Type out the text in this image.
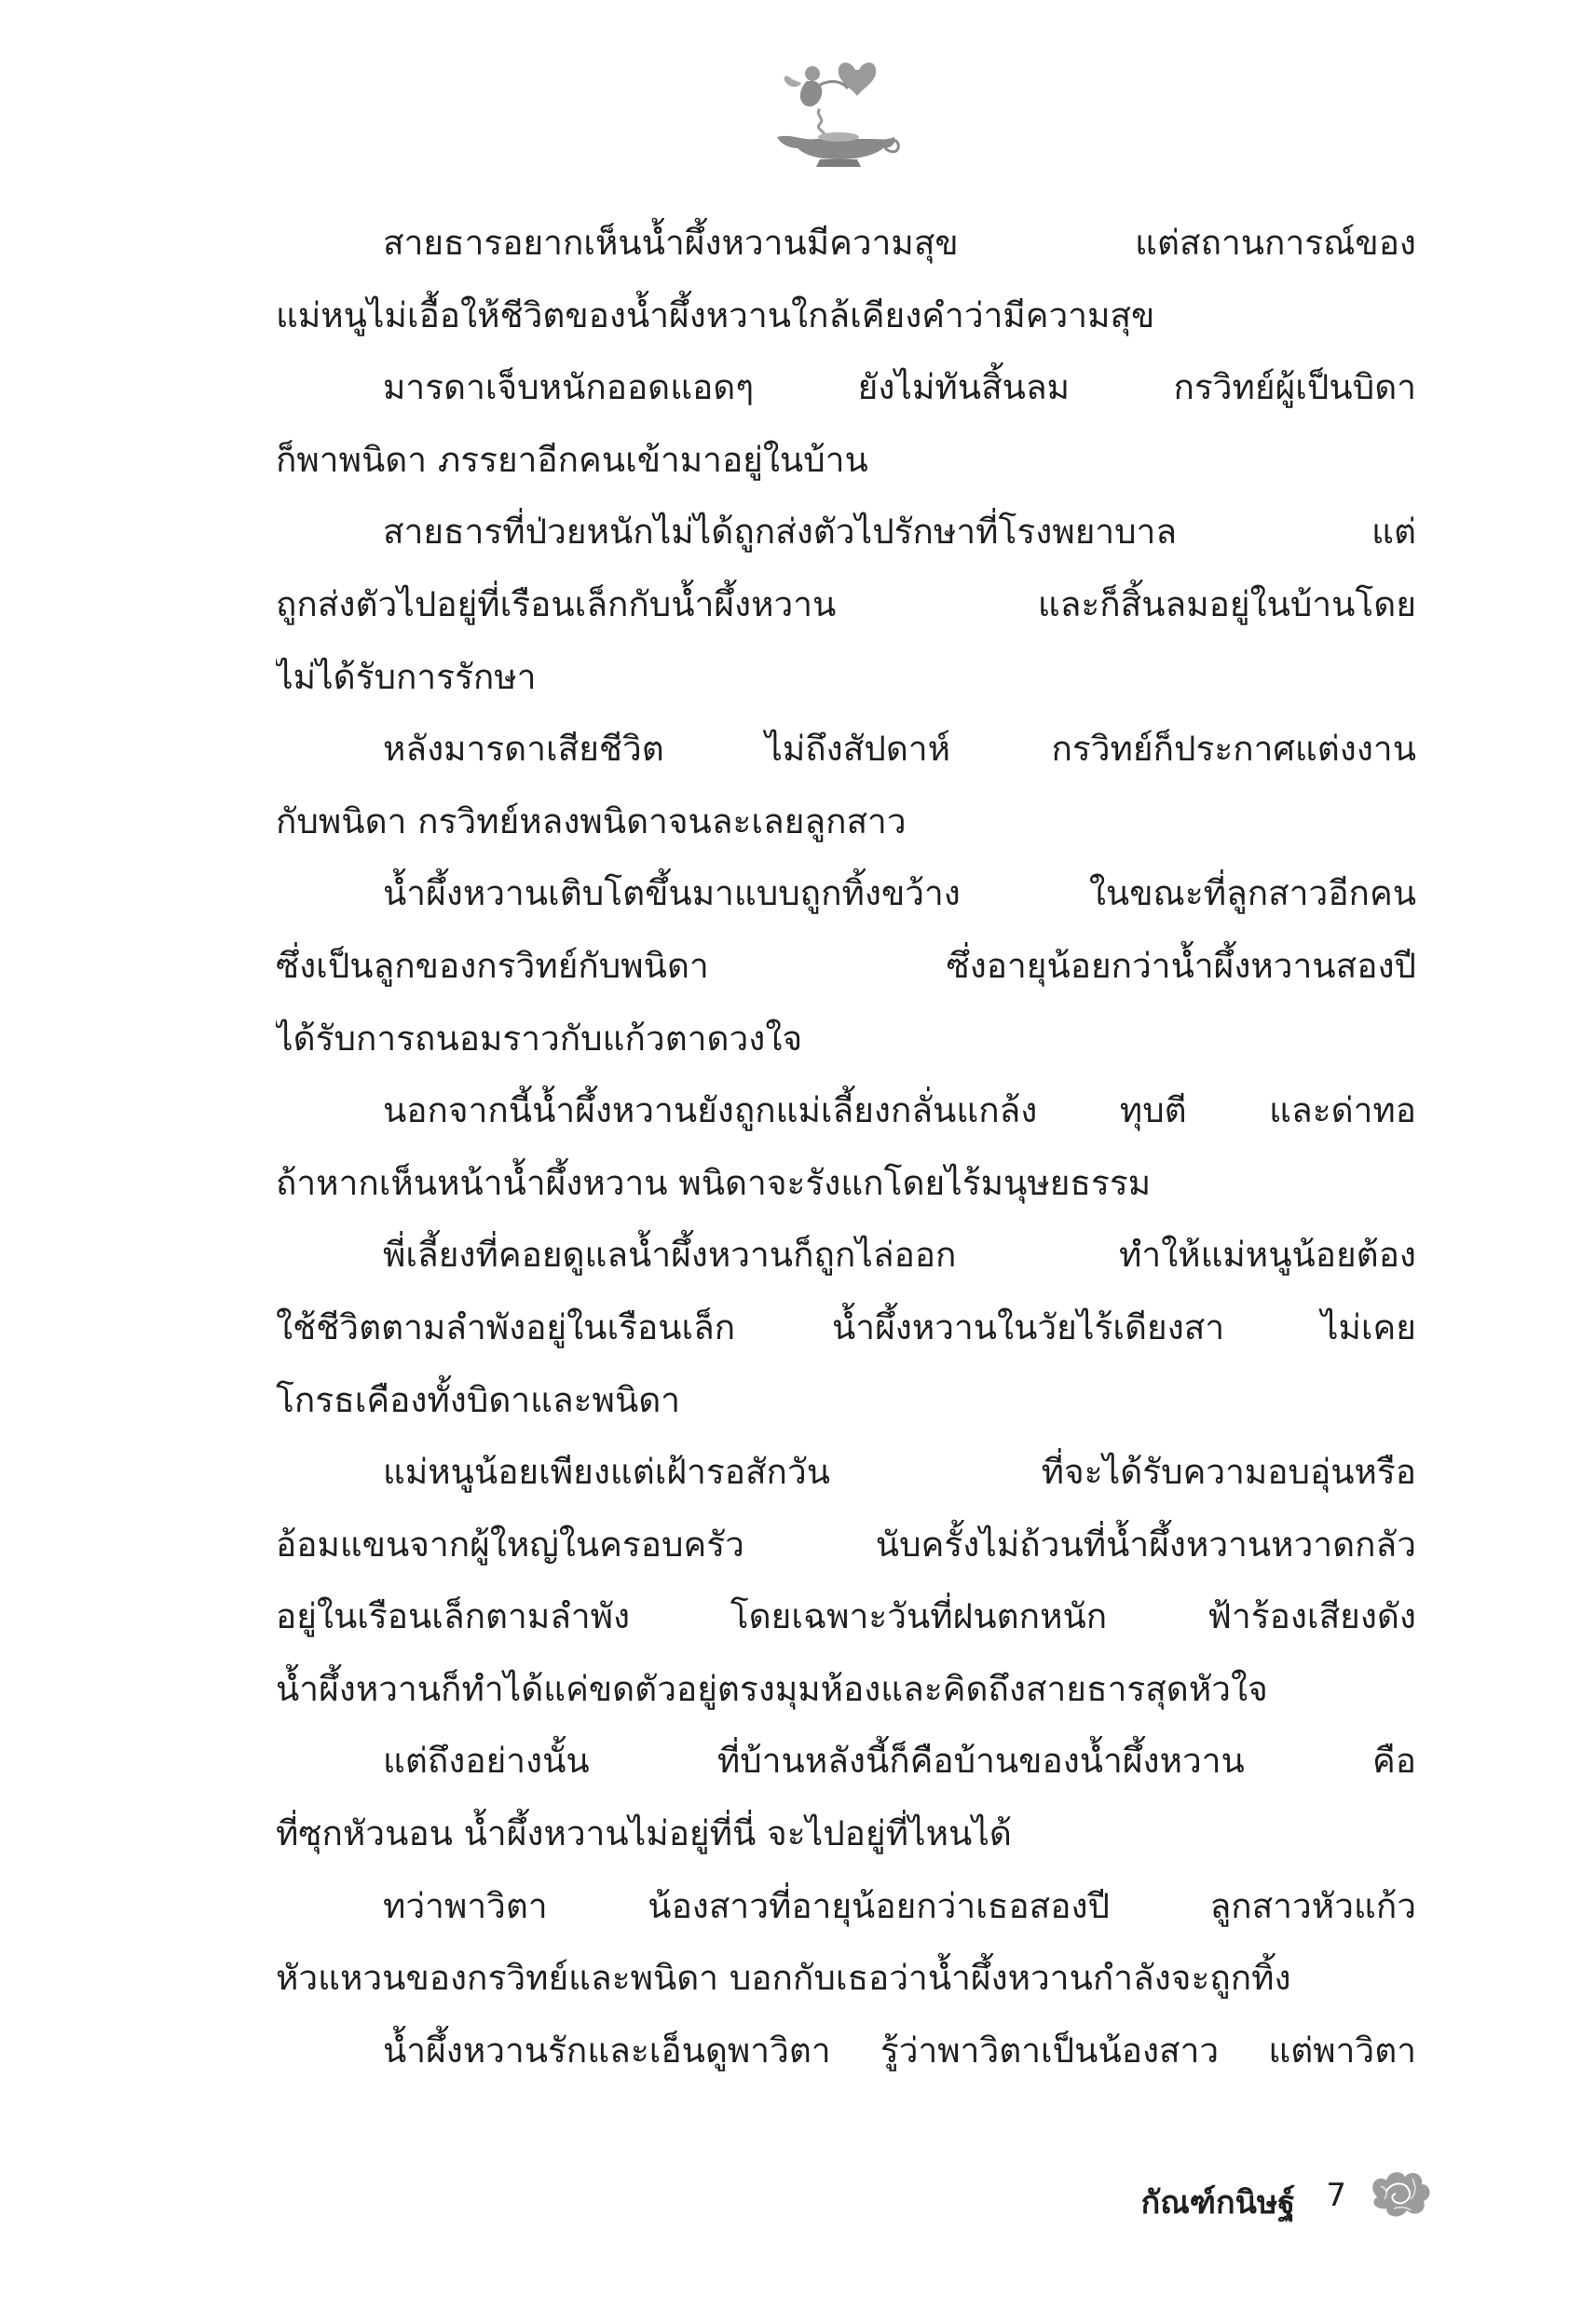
สายธารอยากเห็นน้ำผึ้งหวานมีความสุข แต่สถานการณ์ของ
แม่หนูไม่เอื้อให้ชีวิตของน้ำผึ้งหวานใกล้เคียงคำว่ามีความสุข
มารดาเจ็บหนักออดแอดๆ ยังไม่ทันสิ้นลม กรวิทย์ผู้เป็นบิดา
ก็พาพนิดา ภรรยาอีกคนเข้ามาอยู่ในบ้าน
สายธารที่ป่วยหนักไม่ได้ถูกส่งตัวไปรักษาที่โรงพยาบาล แต่
ถูกส่งตัวไปอยู่ที่เรือนเล็กกับน้ำผึ้งหวาน และก็สิ้นลมอยู่ในบ้านโดย
ไม่ได้รับการรักษา
หลังมารดาเสียชีวิต ไม่ถึงสัปดาห์ กรวิทย์ก็ประกาศแต่งงาน
กับพนิดา กรวิทย์หลงพนิดาจนละเลยลูกสาว
น้ำผึ้งหวานเติบโตขึ้นมาแบบถูกทิ้งขว้าง ในขณะที่ลูกสาวอีกคน
ซึ่งเป็นลูกของกรวิทย์กับพนิดา ซึ่งอายุน้อยกว่าน้ำผึ้งหวานสองปี
ได้รับการถนอมราวกับแก้วตาดวงใจ
นอกจากนี้น้ำผึ้งหวานยังถูกแม่เลี้ยงกลั่นแกล้ง ทุบตี และด่าทอ
ถ้าหากเห็นหน้าน้ำผึ้งหวาน พนิดาจะรังแกโดยไร้มนุษยธรรม
พี่เลี้ยงที่คอยดูแลน้ำผึ้งหวานก็ถูกไล่ออก ทำให้แม่หนูน้อยต้อง
ใช้ชีวิตตามลำพังอยู่ในเรือนเล็ก น้ำผึ้งหวานในวัยไร้เดียงสา ไม่เคย
โกรธเคืองทั้งบิดาและพนิดา
แม่หนูน้อยเพียงแต่เฝ้ารอสักวัน ที่จะได้รับความอบอุ่นหรือ
อ้อมแขนจากผู้ใหญ่ในครอบครัว นับครั้งไม่ถ้วนที่น้ำผึ้งหวานหวาดกลัว
อยู่ในเรือนเล็กตามลำพัง โดยเฉพาะวันที่ฝนตกหนัก ฟ้าร้องเสียงดัง
น้ำผึ้งหวานก็ทำได้แค่ขดตัวอยู่ตรงมุมห้องและคิดถึงสายธารสุดหัวใจ
แต่ถึงอย่างนั้น ที่บ้านหลังนี้ก็คือบ้านของน้ำผึ้งหวาน คือ
ที่ซุกหัวนอน น้ำผึ้งหวานไม่อยู่ที่นี่ จะไปอยู่ที่ไหนได้
ทว่าพาวิตา น้องสาวที่อายุน้อยกว่าเธอสองปี ลูกสาวหัวแก้ว
หัวแหวนของกรวิทย์และพนิดา บอกกับเธอว่าน้ำผึ้งหวานกำลังจะถูกทิ้ง
น้ำผึ้งหวานรักและเอ็นดูพาวิตา รู้ว่าพาวิตาเป็นน้องสาว แต่พาวิตา
กัณฑ์กนิษฐ์ 7
